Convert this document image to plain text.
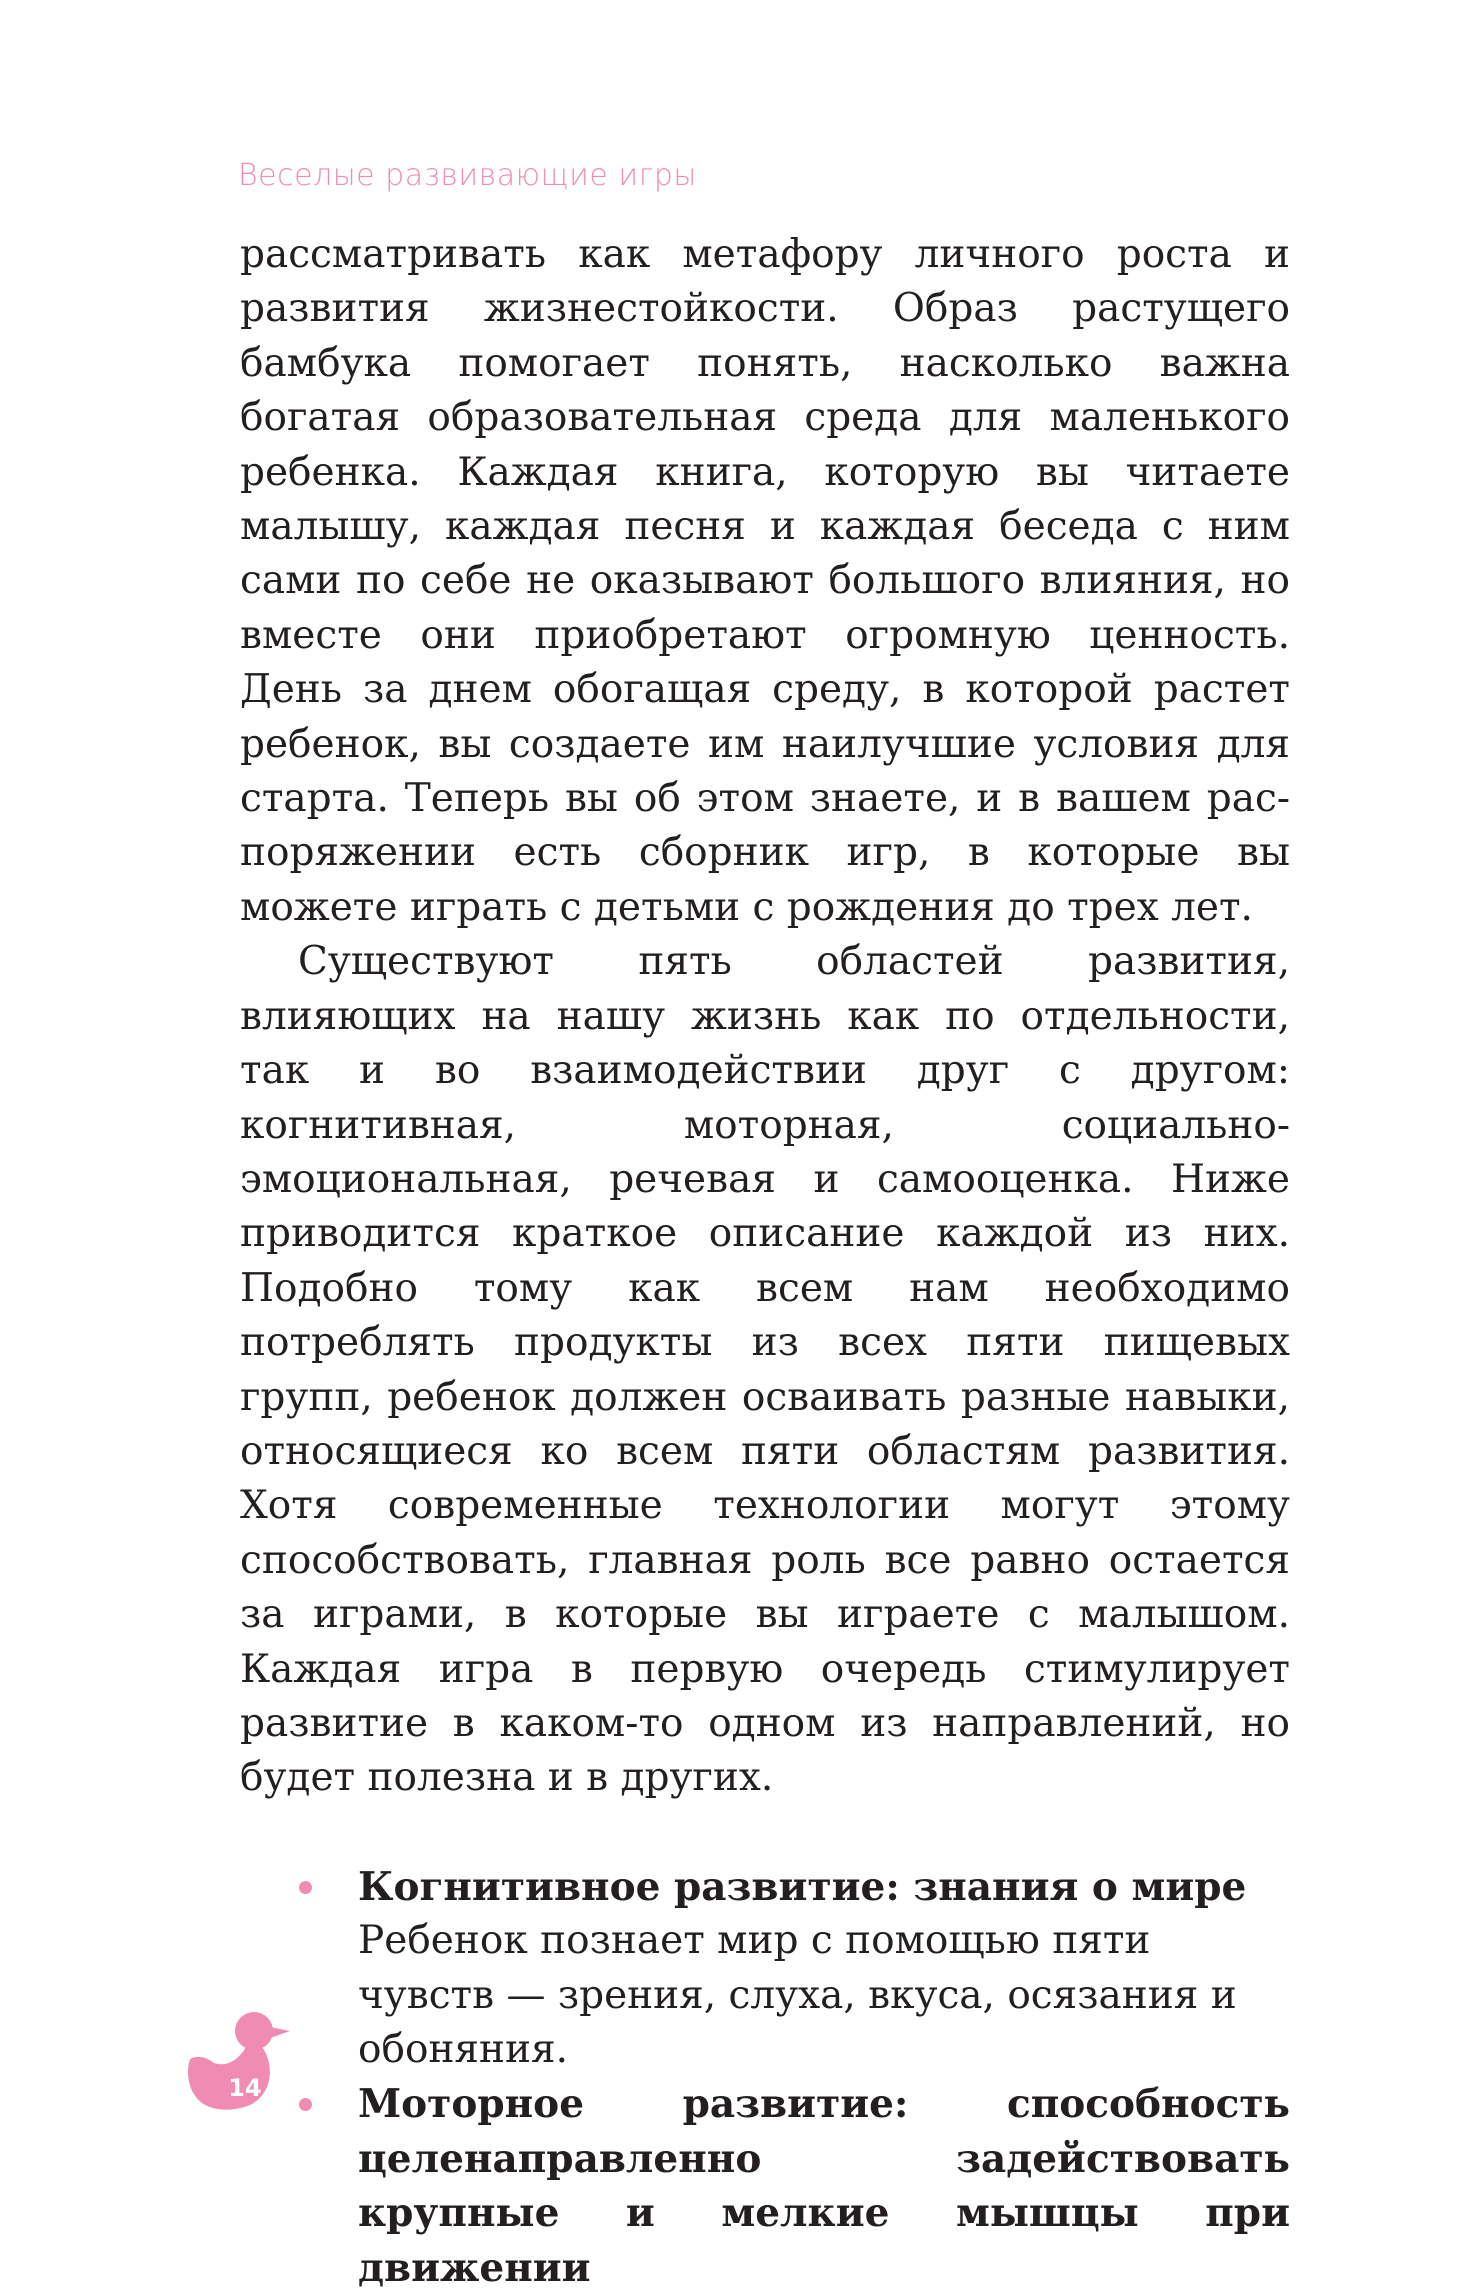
Веселые развивающие игры

рассматривать как метафору личного роста и развития жизнестойкости. Образ растущего бамбука помогает понять, насколько важна богатая образовательная среда для маленького ребенка. Каждая книга, которую вы читаете малышу, каждая песня и каждая беседа с ним сами по себе не оказывают большого влияния, но вместе они приобретают огромную ценность. День за днем обогащая среду, в которой растет ребенок, вы создаете им наилучшие условия для старта. Теперь вы об этом знаете, и в вашем распоряжении есть сборник игр, в которые вы можете играть с детьми с рождения до трех лет.

Существуют пять областей развития, влияющих на нашу жизнь как по отдельности, так и во взаимодействии друг с другом: когнитивная, моторная, социально-эмоциональная, речевая и самооценка. Ниже приводится краткое описание каждой из них. Подобно тому как всем нам необходимо потреблять продукты из всех пяти пищевых групп, ребенок должен осваивать разные навыки, относящиеся ко всем пяти областям развития. Хотя современные технологии могут этому способствовать, главная роль все равно остается за играми, в которые вы играете с малышом. Каждая игра в первую очередь стимулирует развитие в каком-то одном из направлений, но будет полезна и в других.

Когнитивное развитие: знания о мире
Ребенок познает мир с помощью пяти чувств — зрения, слуха, вкуса, осязания и обоняния.
Моторное развитие: способность целенаправленно задействовать крупные и мелкие мышцы при движении
14
